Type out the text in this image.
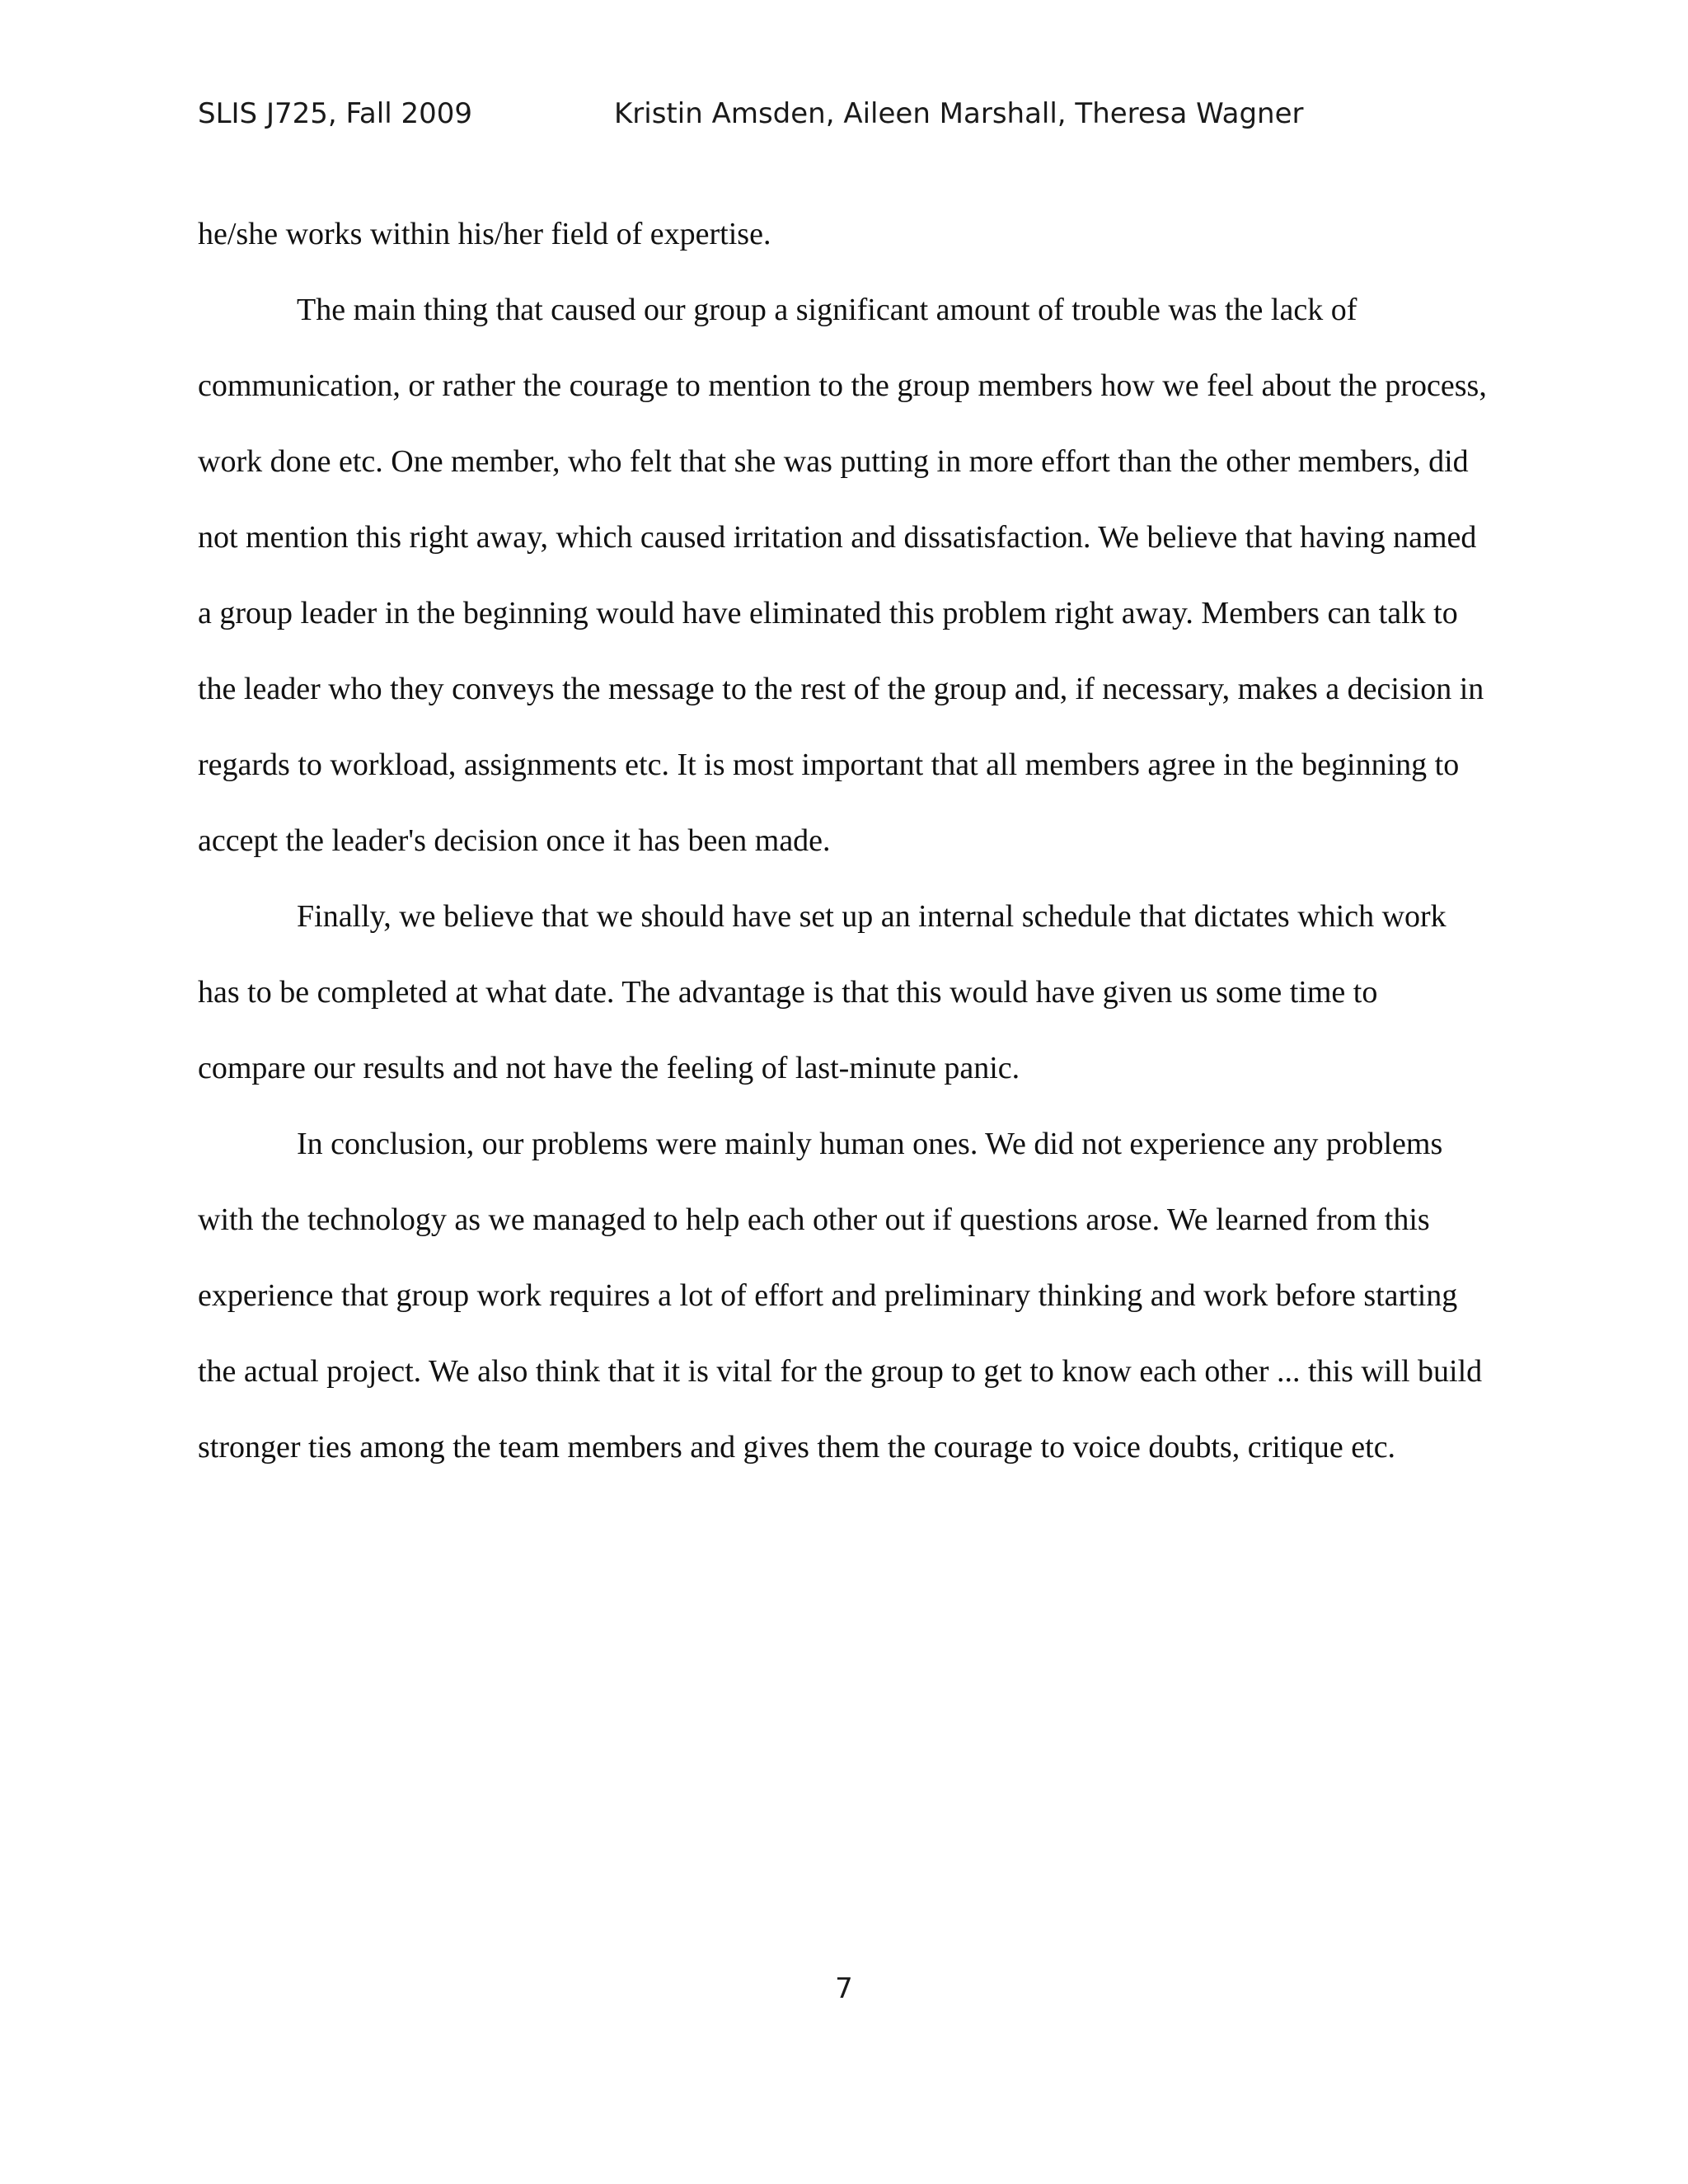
SLIS J725, Fall 2009	Kristin Amsden, Aileen Marshall, Theresa Wagner

he/she works within his/her field of expertise.

The main thing that caused our group a significant amount of trouble was the lack of communication, or rather the courage to mention to the group members how we feel about the process, work done etc. One member, who felt that she was putting in more effort than the other members, did not mention this right away, which caused irritation and dissatisfaction. We believe that having named a group leader in the beginning would have eliminated this problem right away. Members can talk to the leader who they conveys the message to the rest of the group and, if necessary, makes a decision in regards to workload, assignments etc. It is most important that all members agree in the beginning to accept the leader's decision once it has been made.

Finally, we believe that we should have set up an internal schedule that dictates which work has to be completed at what date. The advantage is that this would have given us some time to compare our results and not have the feeling of last-minute panic.

In conclusion, our problems were mainly human ones. We did not experience any problems with the technology as we managed to help each other out if questions arose. We learned from this experience that group work requires a lot of effort and preliminary thinking and work before starting the actual project. We also think that it is vital for the group to get to know each other ... this will build stronger ties among the team members and gives them the courage to voice doubts, critique etc.

7
